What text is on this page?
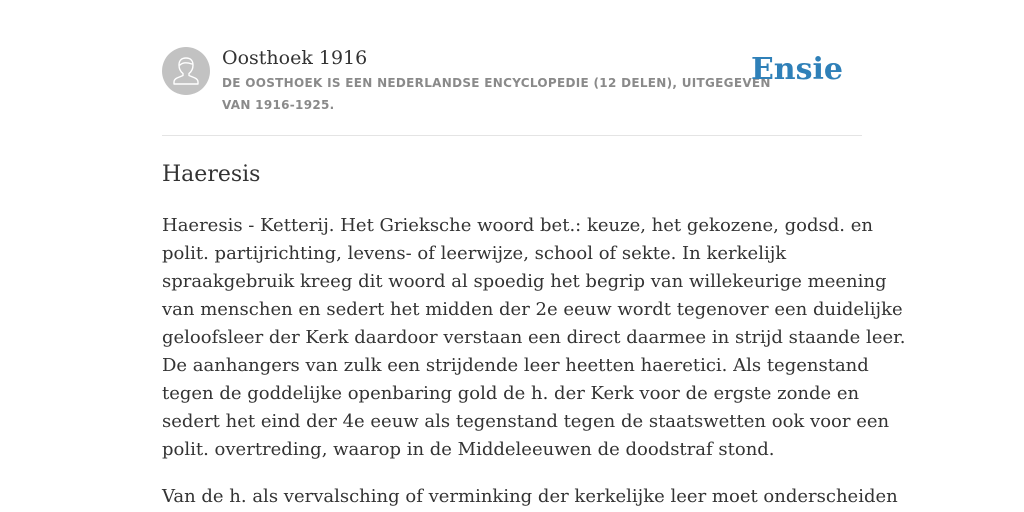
Oosthoek 1916
DE OOSTHOEK IS EEN NEDERLANDSE ENCYCLOPEDIE (12 DELEN), UITGEGEVEN
VAN 1916-1925.
Ensie
Haeresis

Haeresis - Ketterij. Het Grieksche woord bet.: keuze, het gekozene, godsd. en
polit. partijrichting, levens- of leerwijze, school of sekte. In kerkelijk
spraakgebruik kreeg dit woord al spoedig het begrip van willekeurige meening
van menschen en sedert het midden der 2e eeuw wordt tegenover een duidelijke
geloofsleer der Kerk daardoor verstaan een direct daarmee in strijd staande leer.
De aanhangers van zulk een strijdende leer heetten haeretici. Als tegenstand
tegen de goddelijke openbaring gold de h. der Kerk voor de ergste zonde en
sedert het eind der 4e eeuw als tegenstand tegen de staatswetten ook voor een
polit. overtreding, waarop in de Middeleeuwen de doodstraf stond.

Van de h. als vervalsching of verminking der kerkelijke leer moet onderscheiden
